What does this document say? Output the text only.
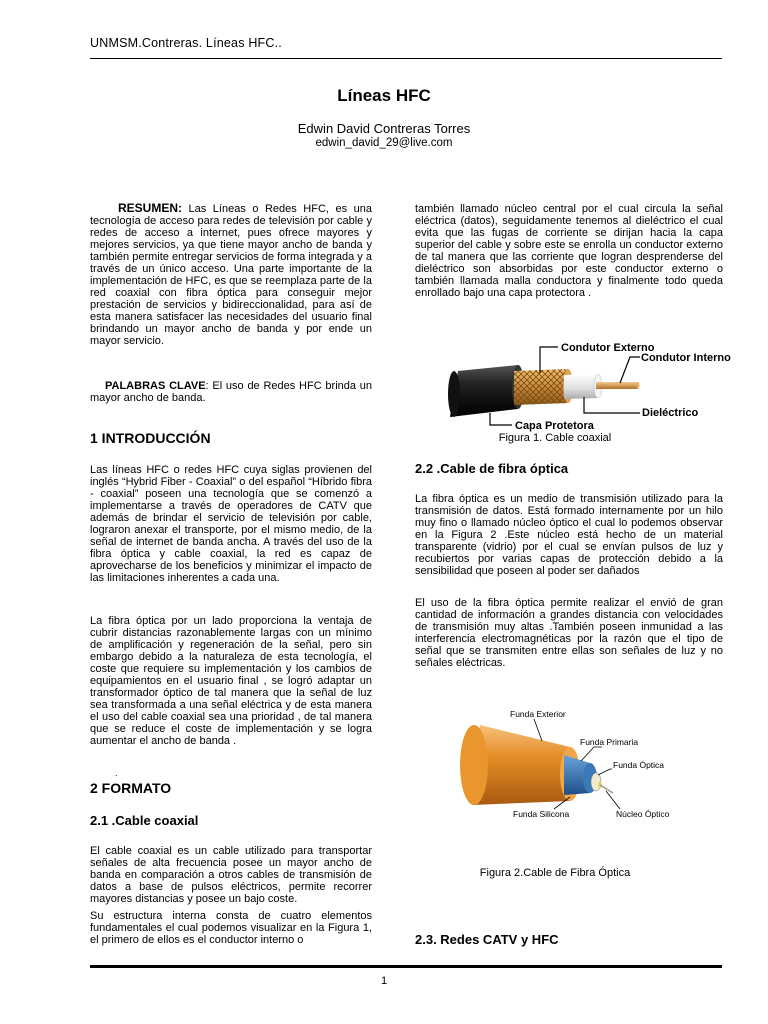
UNMSM.Contreras. Líneas HFC..
Líneas HFC
Edwin David Contreras Torres
edwin_david_29@live.com

RESUMEN: Las Líneas o Redes HFC, es una tecnología de acceso para redes de televisión por cable y redes de acceso a internet, pues ofrece mayores y mejores servicios, ya que tiene mayor ancho de banda y también permite entregar servicios de forma integrada y a través de un único acceso. Una parte importante de la implementación de HFC, es que se reemplaza parte de la red coaxial con fibra óptica para conseguir mejor prestación de servicios y bidireccionalidad, para así de esta manera satisfacer las necesidades del usuario final brindando un mayor ancho de banda y por ende un mayor servicio.

PALABRAS CLAVE: El uso de Redes HFC brinda un mayor ancho de banda.

1 INTRODUCCIÓN

Las líneas HFC o redes HFC cuya siglas provienen del inglés “Hybrid Fiber - Coaxial” o del español “Híbrido fibra - coaxial” poseen una tecnología que se comenzó a implementarse a través de operadores de CATV que además de brindar el servicio de televisión por cable, lograron anexar el transporte, por el mismo medio, de la señal de internet de banda ancha. A través del uso de la fibra óptica y cable coaxial, la red es capaz de aprovecharse de los beneficios y minimizar el impacto de las limitaciones inherentes a cada una.

La fibra óptica por un lado proporciona la ventaja de cubrir distancias razonablemente largas con un mínimo de amplificación y regeneración de la señal, pero sin embargo debido a la naturaleza de esta tecnología, el coste que requiere su implementación y los cambios de equipamientos en el usuario final , se logró adaptar un transformador óptico de tal manera que la señal de luz sea transformada a una señal eléctrica y de esta manera el uso del cable coaxial sea una prioridad , de tal manera que se reduce el coste de implementación y se logra aumentar el ancho de banda .

.
2 FORMATO
2.1 .Cable coaxial

El cable coaxial es un cable utilizado para transportar señales de alta frecuencia posee un mayor ancho de banda en comparación a otros cables de transmisión de datos a base de pulsos eléctricos, permite recorrer mayores distancias y posee un bajo coste.

Su estructura interna consta de cuatro elementos fundamentales el cual podemos visualizar en la Figura 1, el primero de ellos es el conductor interno o

también llamado núcleo central por el cual circula la señal eléctrica (datos), seguidamente tenemos al dieléctrico el cual evita que las fugas de corriente se dirijan hacia la capa superior del cable y sobre este se enrolla un conductor externo de tal manera que las corriente que logran desprenderse del dieléctrico son absorbidas por este conductor externo o también llamada malla conductora y finalmente todo queda enrollado bajo una capa protectora .

Condutor Externo
Condutor Interno
Dieléctrico
Capa Protetora
Figura 1. Cable coaxial
2.2 .Cable de fibra óptica

La fibra óptica es un medio de transmisión utilizado para la transmisión de datos. Está formado internamente por un hilo muy fino o llamado núcleo óptico el cual lo podemos observar en la Figura 2 .Este núcleo está hecho de un material transparente (vidrio) por el cual se envían pulsos de luz y recubiertos por varias capas de protección debido a la sensibilidad que poseen al poder ser dañados

El uso de la fibra óptica permite realizar el envió de gran cantidad de información a grandes distancia con velocidades de transmisión muy altas .También poseen inmunidad a las interferencia electromagnéticas por la razón que el tipo de señal que se transmiten entre ellas son señales de luz y no señales eléctricas.

Funda Exterior
Funda Primaria
Funda Óptica
Funda Silicona	Núcleo Óptico
Figura 2.Cable de Fibra Óptica
2.3. Redes CATV y HFC
1
